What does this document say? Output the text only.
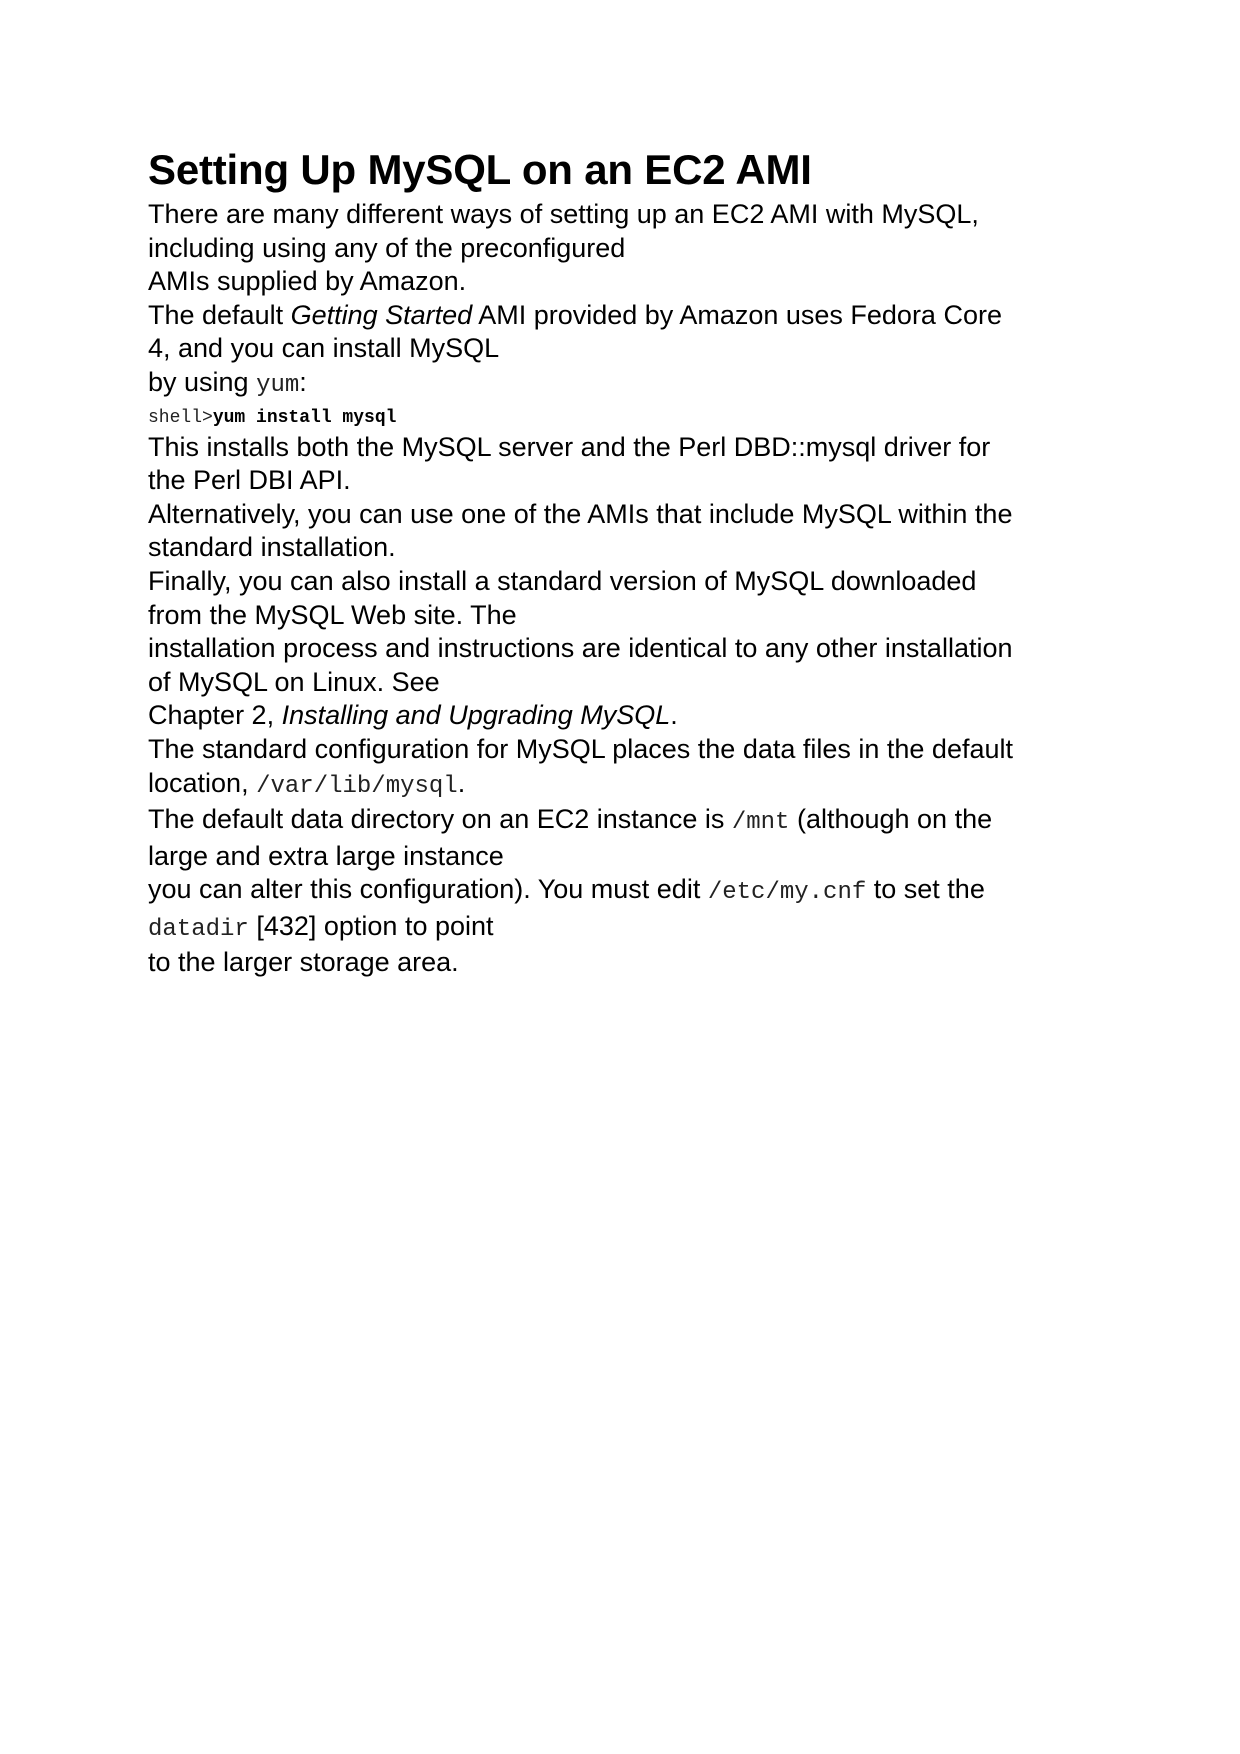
Setting Up MySQL on an EC2 AMI
There are many different ways of setting up an EC2 AMI with MySQL,
including using any of the preconfigured
AMIs supplied by Amazon.
The default Getting Started AMI provided by Amazon uses Fedora Core
4, and you can install MySQL
by using yum:
shell>yum install mysql
This installs both the MySQL server and the Perl DBD::mysql driver for
the Perl DBI API.
Alternatively, you can use one of the AMIs that include MySQL within the
standard installation.
Finally, you can also install a standard version of MySQL downloaded
from the MySQL Web site. The
installation process and instructions are identical to any other installation
of MySQL on Linux. See
Chapter 2, Installing and Upgrading MySQL.
The standard configuration for MySQL places the data files in the default
location, /var/lib/mysql.
The default data directory on an EC2 instance is /mnt (although on the
large and extra large instance
you can alter this configuration). You must edit /etc/my.cnf to set the
datadir [432] option to point
to the larger storage area.
